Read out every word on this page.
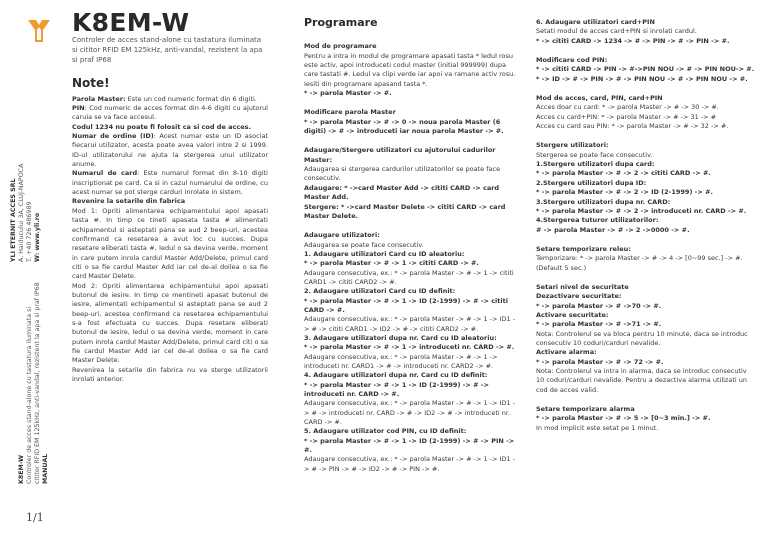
YLI ETERNIT ACCES SRL A. Haiducului 3A, CLUJ-NAPOCA T. +40 726 486989 W: www.yli.ro
K8EM-W Controler de acces stand-alone cu tastatura iluminata si cititor RFID EM 125kHz, anti-vandal, rezistent la apa si praf IP68 MANUAL
1/1
K8EM-W

Controler de acces stand-alone cu tastatura iluminata si cititor RFID EM 125kHz, anti-vandal, rezistent la apa si praf IP68

Note!

Parola Master: Este un cod numeric format din 6 digiti.

PIN: Cod numeric de acces format din 4-6 digiti cu ajutorul caruia se va face accesul.

Codul 1234 nu poate fi folosit ca si cod de acces.

Numar de ordine (ID): Acest numar este un ID asociat fiecarui utilizator, acesta poate avea valori intre 2 si 1999. ID-ul utilizatorului ne ajuta la stergerea unui utilizator anume.

Numarul de card: Este numarul format din 8-10 digiti inscriptionat pe card. Ca si in cazul numarului de ordine, cu acest numar se pot sterge carduri inrolate in sistem.

Revenire la setarile din fabrica

Mod 1: Opriti alimentarea echipamentului apoi apasati tasta #. In timp ce tineti apasata tasta # alimentati echipamentul si asteptati pana se aud 2 beep-uri, acestea confirmand ca resetarea a avut loc cu succes. Dupa resetare eliberati tasta #, ledul o sa devina verde, moment in care putem inrola cardul Master Add/Delete, primul card citi o sa fie cardul Master Add iar cel de-al doilea o sa fie card Master Delete.

Mod 2: Opriti alimentarea echipamentului apoi apasati butonul de iesire. In timp ce mentineti apasat butonul de iesire, alimentati echipamentul si asteptati pana se aud 2 beep-uri, acestea confirmand ca resetarea echipamentului s-a fost efectuata cu succes. Dupa resetare eliberati butonul de iesire, ledul o sa devina verde, moment in care putem inrola cardul Master Add/Delete, primul card citi o sa fie cardul Master Add iar cel de-al doilea o sa fie card Master Delete.

Revenirea la setarile din fabrica nu va sterge utilizatorii inrolati anterior.

Programare

Mod de programare

Pentru a intra in modul de programare apasati tasta * ledul rosu este activ, apoi introduceti codul master (initial 999999) dupa care tastati #. Ledul va clipi verde iar apoi va ramane activ rosu. Iesiti din programare apasand tasta *.

* -> parola Master -> #.

Modificare parola Master

* -> parola Master -> # -> 0 -> noua parola Master (6 digiti) -> # -> introduceti iar noua parola Master -> #.

Adaugare/Stergere utilizatori cu ajutorului cadurilor Master:

Adaugarea si stergerea cardurilor utilizatorilor se poate face consecutiv.

Adaugare: * ->card Master Add -> cititi CARD -> card Master Add.

Stergere: * ->card Master Delete -> cititi CARD -> card Master Delete.

Adaugare utilizatori:

Adaugarea se poate face consecutiv.

1. Adaugare utilizatori Card cu ID aleatoriu:

* -> parola Master -> # -> 1 -> cititi CARD -> #.

Adaugare consecutiva, ex.: * -> parola Master -> # -> 1 -> cititi CARD1 -> cititi CARD2 -> #.

2. Adaugare utilizatori Card cu ID definit:

* -> parola Master -> # -> 1 -> ID (2-1999) -> # -> cititi CARD -> #.

Adaugare consecutiva, ex.: * -> parola Master -> # -> 1 -> ID1 -> # -> cititi CARD1 -> ID2 -> # -> cititi CARD2 -> #.

3. Adaugare utilizatori dupa nr. Card cu ID aleatoriu:

* -> parola Master -> # -> 1 -> introduceti nr. CARD -> #.

Adaugare consecutiva, ex.: * -> parola Master -> # -> 1 -> introduceti nr. CARD1 -> # -> introduceti nr. CARD2 -> #.

4. Adaugare utilizatori dupa nr. Card cu ID definit:

* -> parola Master -> # -> 1 -> ID (2-1999) -> # -> introduceti nr. CARD -> #.

Adaugare consecutiva, ex.: * -> parola Master -> # -> 1 -> ID1 -> # -> introduceti nr. CARD -> # -> ID2 -> # -> introduceti nr. CARD -> #.

5. Adaugare utilizator cod PIN, cu ID definit:

* -> parola Master -> # -> 1 -> ID (2-1999) -> # -> PIN -> #.

Adaugare consecutiva, ex.: * -> parola Master -> # -> 1 -> ID1 -> # -> PIN -> # -> ID2 -> # -> PIN -> #.

6. Adaugare utilizatori card+PIN

Setati modul de acces card+PIN si inrolati cardul.

* -> cititi CARD -> 1234 -> # -> PIN -> # -> PIN -> #.

Modificare cod PIN:

* -> cititi CARD -> PIN -> #->PIN NOU -> # -> PIN NOU-> #.

* -> ID -> # -> PIN -> # -> PIN NOU -> # -> PIN NOU -> #.

Mod de acces, card, PIN, card+PIN

Acces doar cu card: * -> parola Master -> # -> 30 -> #.

Acces cu card+PIN: * -> parola Master -> # -> 31 -> #

Acces cu card sau PIN: * -> parola Master -> # -> 32 -> #.

Stergere utilizatori:

Stergerea se poate face consecutiv.

1.Stergere utilizatori dupa card:

* -> parola Master -> # -> 2 -> cititi CARD -> #.

2.Stergere utilizatori dupa ID:

* -> parola Master -> # -> 2 -> ID (2-1999) -> #.

3.Stergere utilizatori dupa nr. CARD:

* -> parola Master -> # -> 2 -> introduceti nr. CARD -> #.

4.Stergerea tuturor utilizatorilor:

# -> parola Master -> # -> 2 ->0000 -> #.

Setare temporizare releu:

Temporizare: * -> parola Master -> # -> 4 -> [0~99 sec.] -> #. (Default 5 sec.)

Setari nivel de securitate

Dezactivare securitate:

* -> parola Master -> # ->70 -> #.

Activare securitate:

* -> parola Master -> # ->71 -> #.

Nota: Controlerul se va bloca pentru 10 minute, daca se introduc consecutiv 10 coduri/carduri nevalide.

Activare alarma:

* -> parola Master -> # -> 72 -> #.

Nota: Controlerul va intra in alarma, daca se introduc consecutiv 10 coduri/carduri nevalide. Pentru a dezactiva alarma utilizati un cod de acces valid.

Setare temporizare alarma

* -> parola Master -> # -> 5 -> [0~3 min.] -> #.

In mod implicit este setat pe 1 minut.
